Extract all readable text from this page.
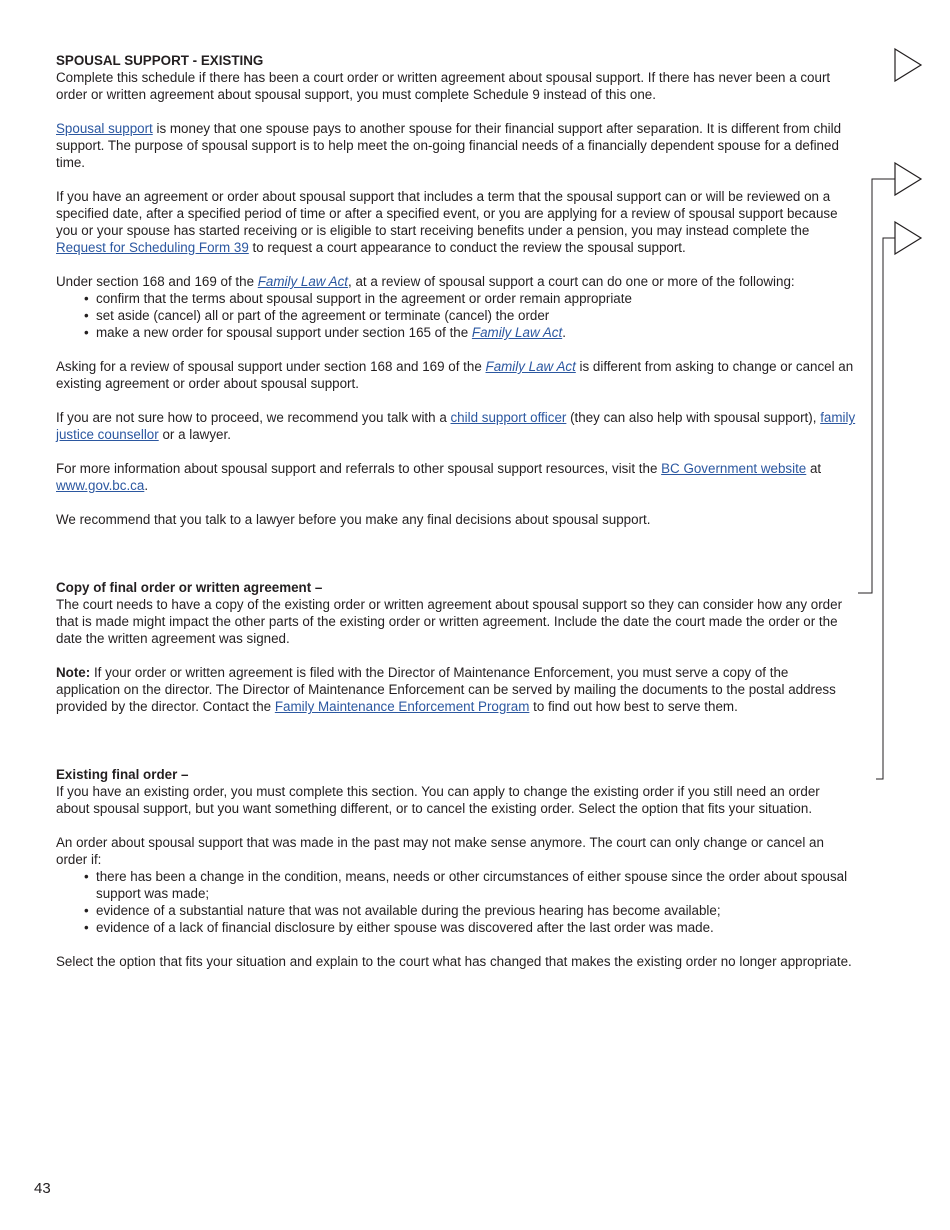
SPOUSAL SUPPORT - EXISTING

Complete this schedule if there has been a court order or written agreement about spousal support. If there has never been a court order or written agreement about spousal support, you must complete Schedule 9 instead of this one.

Spousal support is money that one spouse pays to another spouse for their financial support after separation. It is different from child support. The purpose of spousal support is to help meet the on-going financial needs of a financially dependent spouse for a defined time.

If you have an agreement or order about spousal support that includes a term that the spousal support can or will be reviewed on a specified date, after a specified period of time or after a specified event, or you are applying for a review of spousal support because you or your spouse has started receiving or is eligible to start receiving benefits under a pension, you may instead complete the Request for Scheduling Form 39 to request a court appearance to conduct the review the spousal support.

Under section 168 and 169 of the Family Law Act, at a review of spousal support a court can do one or more of the following:

• confirm that the terms about spousal support in the agreement or order remain appropriate
• set aside (cancel) all or part of the agreement or terminate (cancel) the order
• make a new order for spousal support under section 165 of the Family Law Act.

Asking for a review of spousal support under section 168 and 169 of the Family Law Act is different from asking to change or cancel an existing agreement or order about spousal support.

If you are not sure how to proceed, we recommend you talk with a child support officer (they can also help with spousal support), family justice counsellor or a lawyer.

For more information about spousal support and referrals to other spousal support resources, visit the BC Government website at www.gov.bc.ca.

We recommend that you talk to a lawyer before you make any final decisions about spousal support.

Copy of final order or written agreement –

The court needs to have a copy of the existing order or written agreement about spousal support so they can consider how any order that is made might impact the other parts of the existing order or written agreement. Include the date the court made the order or the date the written agreement was signed.

Note: If your order or written agreement is filed with the Director of Maintenance Enforcement, you must serve a copy of the application on the director. The Director of Maintenance Enforcement can be served by mailing the documents to the postal address provided by the director. Contact the Family Maintenance Enforcement Program to find out how best to serve them.

Existing final order –

If you have an existing order, you must complete this section. You can apply to change the existing order if you still need an order about spousal support, but you want something different, or to cancel the existing order. Select the option that fits your situation.

An order about spousal support that was made in the past may not make sense anymore. The court can only change or cancel an order if:

• there has been a change in the condition, means, needs or other circumstances of either spouse since the order about spousal support was made;
• evidence of a substantial nature that was not available during the previous hearing has become available;
• evidence of a lack of financial disclosure by either spouse was discovered after the last order was made.

Select the option that fits your situation and explain to the court what has changed that makes the existing order no longer appropriate.

43
